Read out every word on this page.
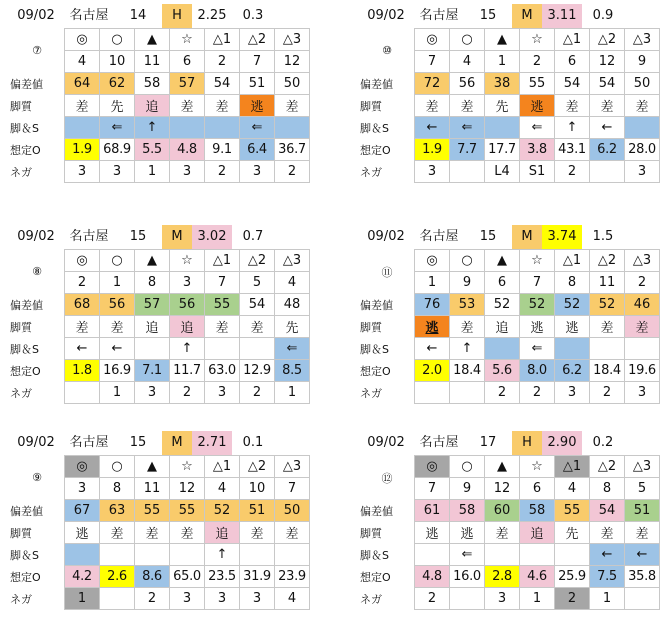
09/02	名古屋	14	H	2.25	0.3
⑦	◎	○	▲	☆	△1	△2	△3
	4	10	11	6	2	7	12
偏差値	64	62	58	57	54	51	50
脚質	差	先	追	差	差	逃	差
脚＆S		⇐	↑			⇐	
想定O	1.9	68.9	5.5	4.8	9.1	6.4	36.7
ネガ	3	3	1	3	2	3	2
09/02	名古屋	15	M	3.11	0.9
⑩	◎	○	▲	☆	△1	△2	△3
	7	4	1	2	6	12	9
偏差値	72	56	38	55	54	54	50
脚質	差	差	先	逃	差	差	差
脚＆S	←	⇐		⇐	↑	←	
想定O	1.9	7.7	17.7	3.8	43.1	6.2	28.0
ネガ	3		L4	S1	2		3
09/02	名古屋	15	M	3.02	0.7
⑧	◎	○	▲	☆	△1	△2	△3
	2	1	8	3	7	5	4
偏差値	68	56	57	56	55	54	48
脚質	差	差	追	追	差	差	先
脚＆S	←	←		↑			⇐
想定O	1.8	16.9	7.1	11.7	63.0	12.9	8.5
ネガ		1	3	2	3	2	1
09/02	名古屋	15	M	3.74	1.5
⑪	◎	○	▲	☆	△1	△2	△3
	1	9	6	7	8	11	2
偏差値	76	53	52	52	52	52	46
脚質	逃	差	追	逃	逃	差	差
脚＆S	←	↑		⇐			
想定O	2.0	18.4	5.6	8.0	6.2	18.4	19.6
ネガ			2	2	3	2	3
09/02	名古屋	15	M	2.71	0.1
⑨	◎	○	▲	☆	△1	△2	△3
	3	8	11	12	4	10	7
偏差値	67	63	55	55	52	51	50
脚質	逃	差	差	差	追	差	差
脚＆S					↑		
想定O	4.2	2.6	8.6	65.0	23.5	31.9	23.9
ネガ	1		2	3	3	3	4
09/02	名古屋	17	H	2.90	0.2
⑫	◎	○	▲	☆	△1	△2	△3
	7	9	12	6	4	8	5
偏差値	61	58	60	58	55	54	51
脚質	逃	逃	差	追	先	差	差
脚＆S		⇐				←	←
想定O	4.8	16.0	2.8	4.6	25.9	7.5	35.8
ネガ	2		3	1	2	1	
